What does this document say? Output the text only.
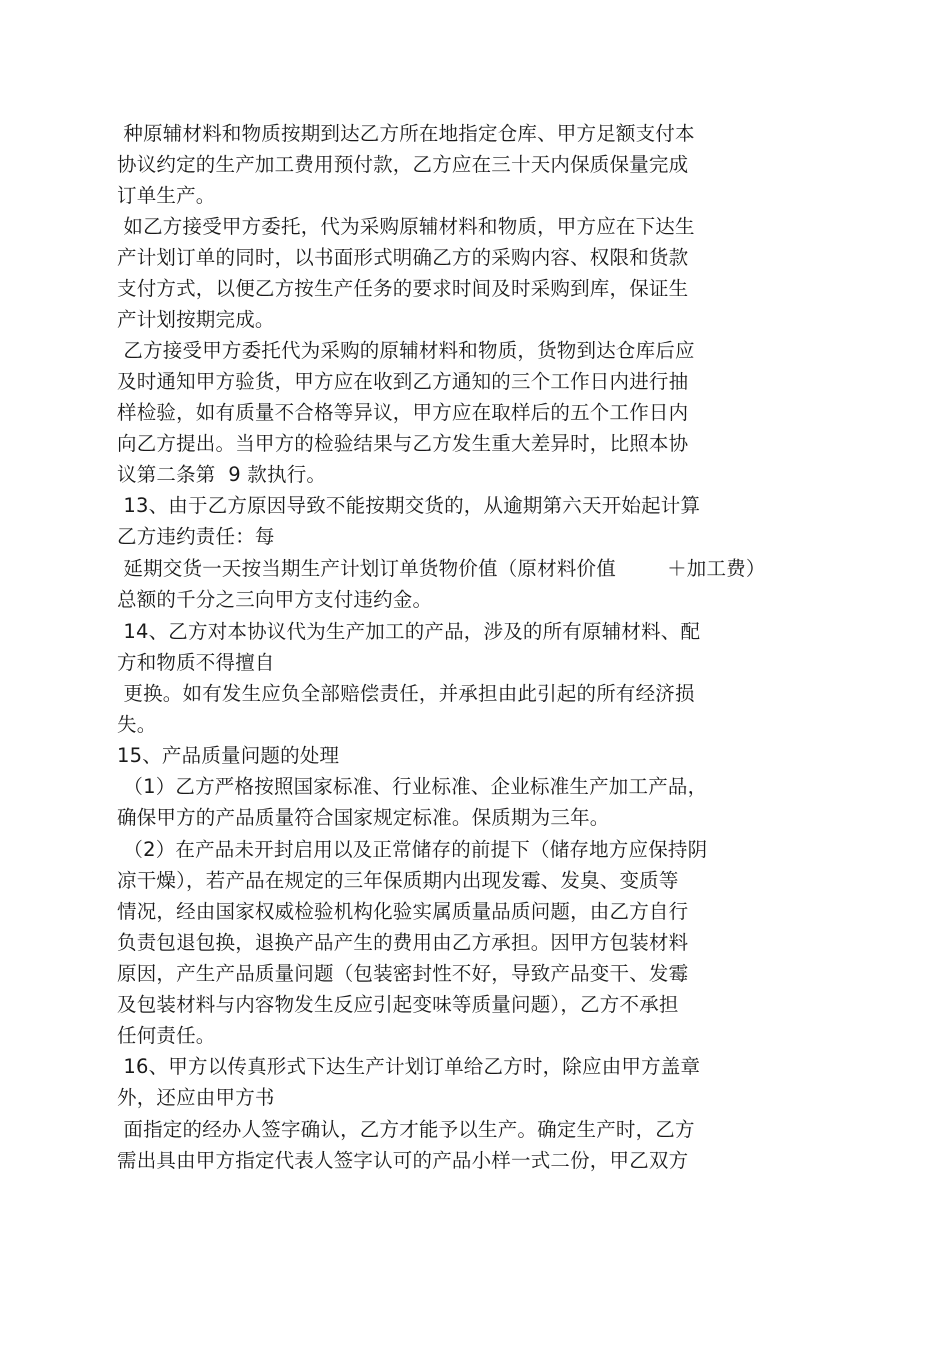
种原辅材料和物质按期到达乙方所在地指定仓库、甲方足额支付本
协议约定的生产加工费用预付款，乙方应在三十天内保质保量完成
订单生产。
如乙方接受甲方委托，代为采购原辅材料和物质，甲方应在下达生
产计划订单的同时，以书面形式明确乙方的采购内容、权限和货款
支付方式，以便乙方按生产任务的要求时间及时采购到库，保证生
产计划按期完成。
乙方接受甲方委托代为采购的原辅材料和物质，货物到达仓库后应
及时通知甲方验货，甲方应在收到乙方通知的三个工作日内进行抽
样检验，如有质量不合格等异议，甲方应在取样后的五个工作日内
向乙方提出。当甲方的检验结果与乙方发生重大差异时，比照本协
议第二条第  9 款执行。
13、由于乙方原因导致不能按期交货的，从逾期第六天开始起计算
乙方违约责任：每
延期交货一天按当期生产计划订单货物价值（原材料价值        ＋加工费）
总额的千分之三向甲方支付违约金。
14、乙方对本协议代为生产加工的产品，涉及的所有原辅材料、配
方和物质不得擅自
更换。如有发生应负全部赔偿责任，并承担由此引起的所有经济损
失。
15、产品质量问题的处理
（1）乙方严格按照国家标准、行业标准、企业标准生产加工产品，
确保甲方的产品质量符合国家规定标准。保质期为三年。
（2）在产品未开封启用以及正常储存的前提下（储存地方应保持阴
凉干燥），若产品在规定的三年保质期内出现发霉、发臭、变质等
情况，经由国家权威检验机构化验实属质量品质问题，由乙方自行
负责包退包换，退换产品产生的费用由乙方承担。因甲方包装材料
原因，产生产品质量问题（包装密封性不好，导致产品变干、发霉
及包装材料与内容物发生反应引起变味等质量问题），乙方不承担
任何责任。
16、甲方以传真形式下达生产计划订单给乙方时，除应由甲方盖章
外，还应由甲方书
面指定的经办人签字确认，乙方才能予以生产。确定生产时，乙方
需出具由甲方指定代表人签字认可的产品小样一式二份，甲乙双方
